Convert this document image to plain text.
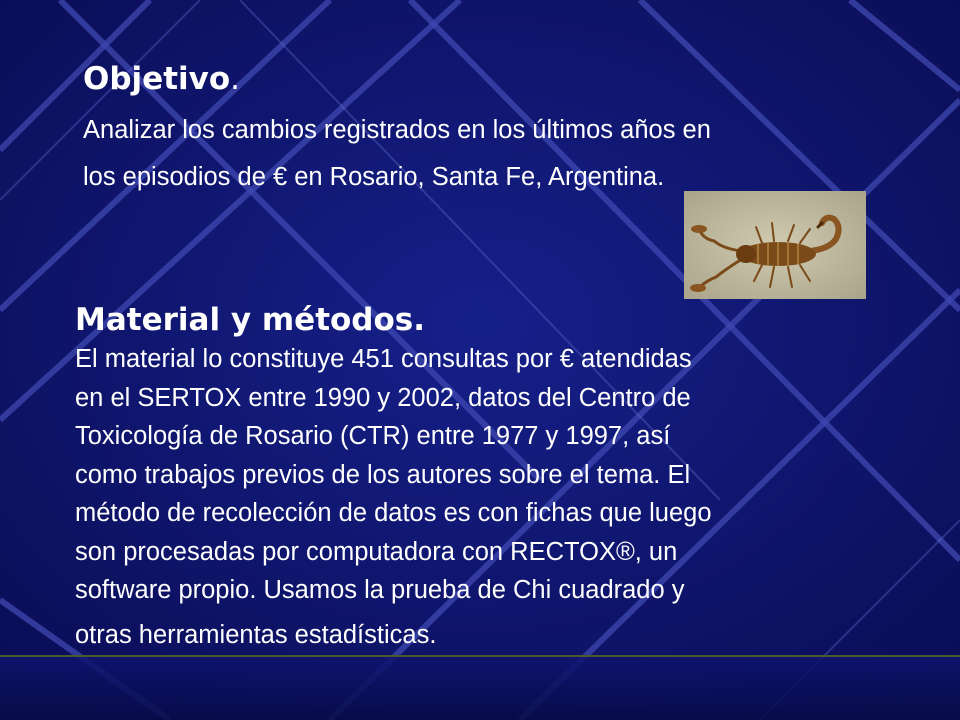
Objetivo.
Analizar los cambios registrados en los últimos años en
los episodios de € en Rosario, Santa Fe, Argentina.
Material y métodos.
El material lo constituye 451 consultas por € atendidas
en el SERTOX entre 1990 y 2002, datos del Centro de
Toxicología de Rosario (CTR) entre 1977 y 1997, así
como trabajos previos de los autores sobre el tema. El
método de recolección de datos es con fichas que luego
son procesadas por computadora con RECTOX®, un
software propio. Usamos la prueba de Chi cuadrado y
otras herramientas estadísticas.
